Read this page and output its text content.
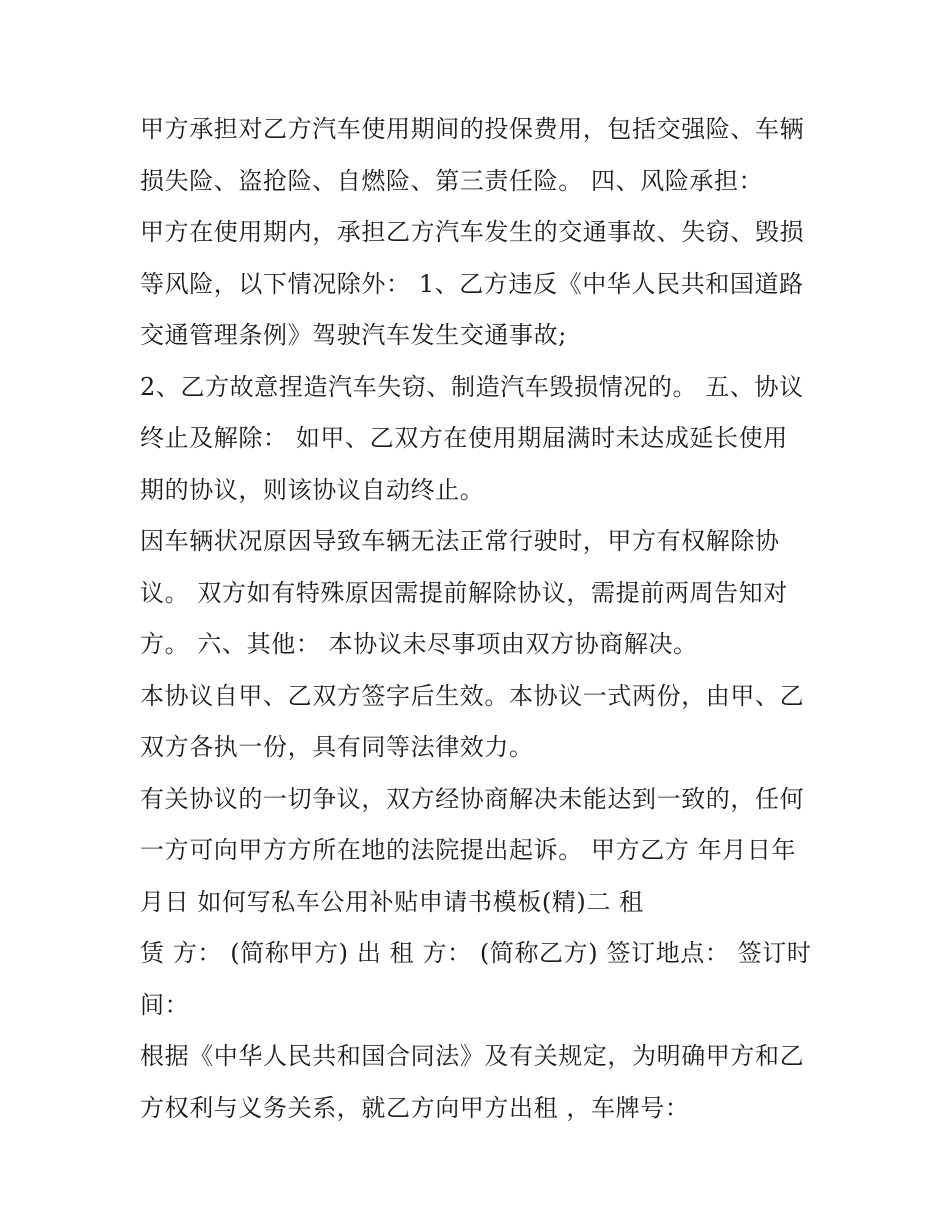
甲方承担对乙方汽车使用期间的投保费用，包括交强险、车辆
损失险、盗抢险、自燃险、第三责任险。 四、风险承担：
甲方在使用期内，承担乙方汽车发生的交通事故、失窃、毁损
等风险，以下情况除外： 1、乙方违反《中华人民共和国道路
交通管理条例》驾驶汽车发生交通事故;
2、乙方故意捏造汽车失窃、制造汽车毁损情况的。 五、协议
终止及解除： 如甲、乙双方在使用期届满时未达成延长使用
期的协议，则该协议自动终止。
因车辆状况原因导致车辆无法正常行驶时，甲方有权解除协
议。 双方如有特殊原因需提前解除协议，需提前两周告知对
方。 六、其他： 本协议未尽事项由双方协商解决。
本协议自甲、乙双方签字后生效。本协议一式两份，由甲、乙
双方各执一份，具有同等法律效力。
有关协议的一切争议，双方经协商解决未能达到一致的，任何
一方可向甲方方所在地的法院提出起诉。 甲方乙方 年月日年
月日 如何写私车公用补贴申请书模板(精)二 租
赁 方： (简称甲方) 出 租 方： (简称乙方) 签订地点： 签订时
间：
根据《中华人民共和国合同法》及有关规定，为明确甲方和乙
方权利与义务关系，就乙方向甲方出租 ，车牌号：
